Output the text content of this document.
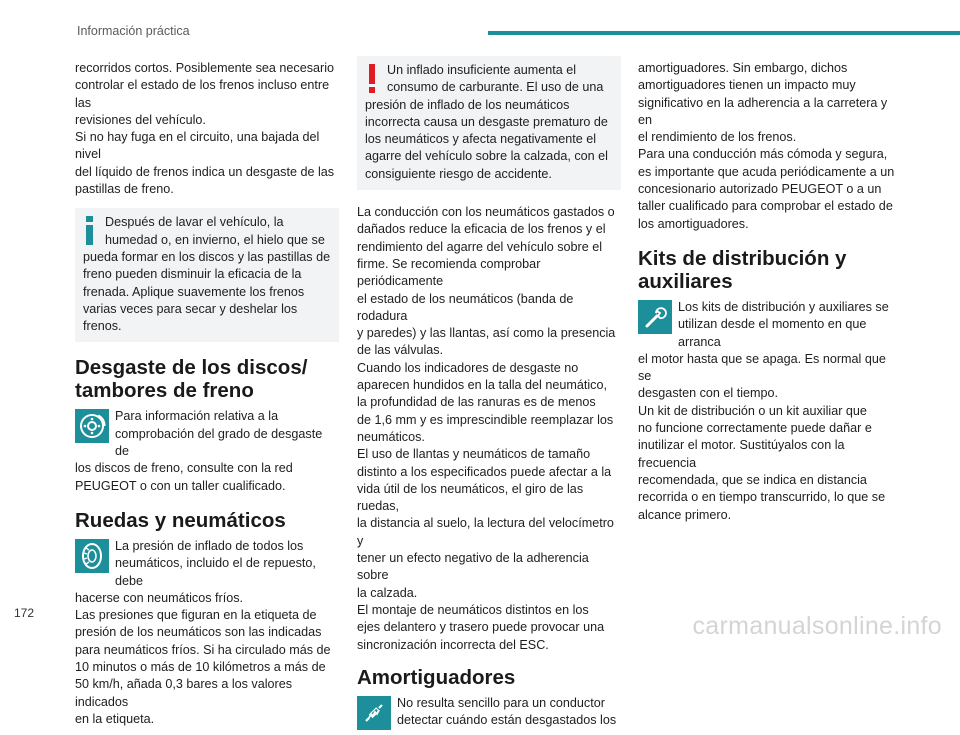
Información práctica

recorridos cortos. Posiblemente sea necesario
controlar el estado de los frenos incluso entre las
revisiones del vehículo.
Si no hay fuga en el circuito, una bajada del nivel
del líquido de frenos indica un desgaste de las
pastillas de freno.

Después de lavar el vehículo, la
humedad o, en invierno, el hielo que se
pueda formar en los discos y las pastillas de
freno pueden disminuir la eficacia de la
frenada. Aplique suavemente los frenos
varias veces para secar y deshelar los frenos.
Desgaste de los discos/
tambores de freno

Para información relativa a la
comprobación del grado de desgaste de
los discos de freno, consulte con la red
PEUGEOT o con un taller cualificado.

Ruedas y neumáticos

La presión de inflado de todos los
neumáticos, incluido el de repuesto, debe
hacerse con neumáticos fríos.
Las presiones que figuran en la etiqueta de
presión de los neumáticos son las indicadas
para neumáticos fríos. Si ha circulado más de
10 minutos o más de 10 kilómetros a más de
50 km/h, añada 0,3 bares a los valores indicados
en la etiqueta.

Un inflado insuficiente aumenta el
consumo de carburante. El uso de una
presión de inflado de los neumáticos
incorrecta causa un desgaste prematuro de
los neumáticos y afecta negativamente el
agarre del vehículo sobre la calzada, con el
consiguiente riesgo de accidente.

La conducción con los neumáticos gastados o
dañados reduce la eficacia de los frenos y el
rendimiento del agarre del vehículo sobre el
firme. Se recomienda comprobar periódicamente
el estado de los neumáticos (banda de rodadura
y paredes) y las llantas, así como la presencia
de las válvulas.
Cuando los indicadores de desgaste no
aparecen hundidos en la talla del neumático,
la profundidad de las ranuras es de menos
de 1,6 mm y es imprescindible reemplazar los
neumáticos.
El uso de llantas y neumáticos de tamaño
distinto a los especificados puede afectar a la
vida útil de los neumáticos, el giro de las ruedas,
la distancia al suelo, la lectura del velocímetro y
tener un efecto negativo de la adherencia sobre
la calzada.
El montaje de neumáticos distintos en los
ejes delantero y trasero puede provocar una
sincronización incorrecta del ESC.

Amortiguadores

No resulta sencillo para un conductor
detectar cuándo están desgastados los

amortiguadores. Sin embargo, dichos
amortiguadores tienen un impacto muy
significativo en la adherencia a la carretera y en
el rendimiento de los frenos.
Para una conducción más cómoda y segura,
es importante que acuda periódicamente a un
concesionario autorizado PEUGEOT o a un
taller cualificado para comprobar el estado de
los amortiguadores.

Kits de distribución y
auxiliares

Los kits de distribución y auxiliares se
utilizan desde el momento en que arranca
el motor hasta que se apaga. Es normal que se
desgasten con el tiempo.
Un kit de distribución o un kit auxiliar que
no funcione correctamente puede dañar e
inutilizar el motor. Sustitúyalos con la frecuencia
recomendada, que se indica en distancia
recorrida o en tiempo transcurrido, lo que se
alcance primero.

172	carmanualsonline.info
